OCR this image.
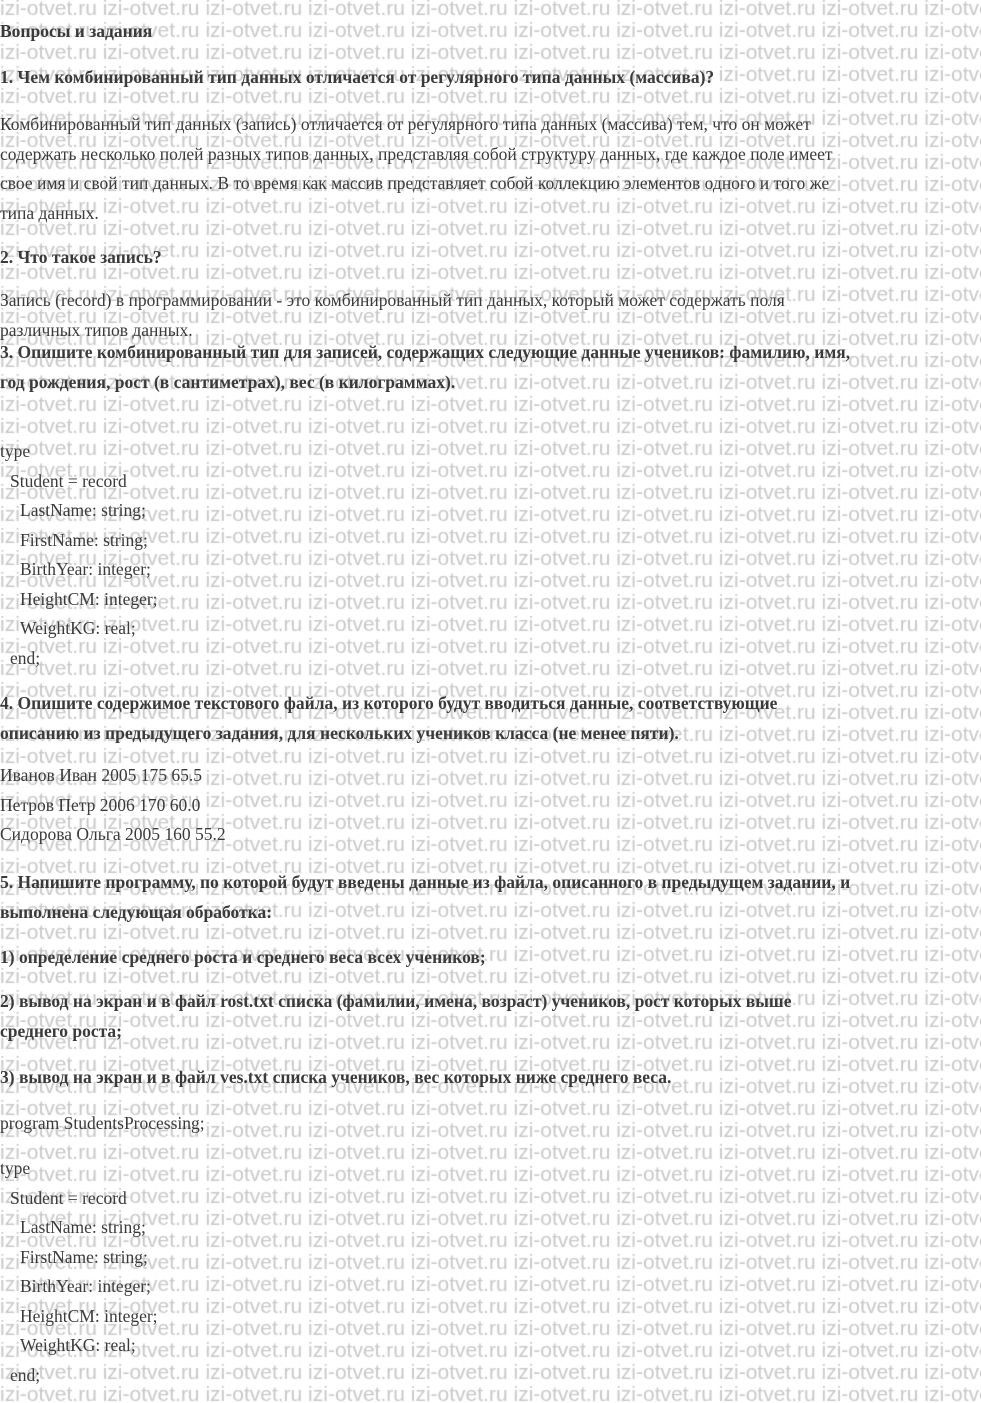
Вопросы и задания
1. Чем комбинированный тип данных отличается от регулярного типа данных (массива)?
Комбинированный тип данных (запись) отличается от регулярного типа данных (массива) тем, что он может
содержать несколько полей разных типов данных, представляя собой структуру данных, где каждое поле имеет
свое имя и свой тип данных. В то время как массив представляет собой коллекцию элементов одного и того же
типа данных.
2. Что такое запись?
Запись (record) в программировании - это комбинированный тип данных, который может содержать поля
различных типов данных.
3. Опишите комбинированный тип для записей, содержащих следующие данные учеников: фамилию, имя,
год рождения, рост (в сантиметрах), вес (в килограммах).
type
Student = record
LastName: string;
FirstName: string;
BirthYear: integer;
HeightCM: integer;
WeightKG: real;
end;
4. Опишите содержимое текстового файла, из которого будут вводиться данные, соответствующие
описанию из предыдущего задания, для нескольких учеников класса (не менее пяти).
Иванов Иван 2005 175 65.5
Петров Петр 2006 170 60.0
Сидорова Ольга 2005 160 55.2
5. Напишите программу, по которой будут введены данные из файла, описанного в предыдущем задании, и
выполнена следующая обработка:
1) определение среднего роста и среднего веса всех учеников;
2) вывод на экран и в файл rost.txt списка (фамилии, имена, возраст) учеников, рост которых выше
среднего роста;
3) вывод на экран и в файл ves.txt списка учеников, вес которых ниже среднего веса.
program StudentsProcessing;
type
Student = record
LastName: string;
FirstName: string;
BirthYear: integer;
HeightCM: integer;
WeightKG: real;
end;
